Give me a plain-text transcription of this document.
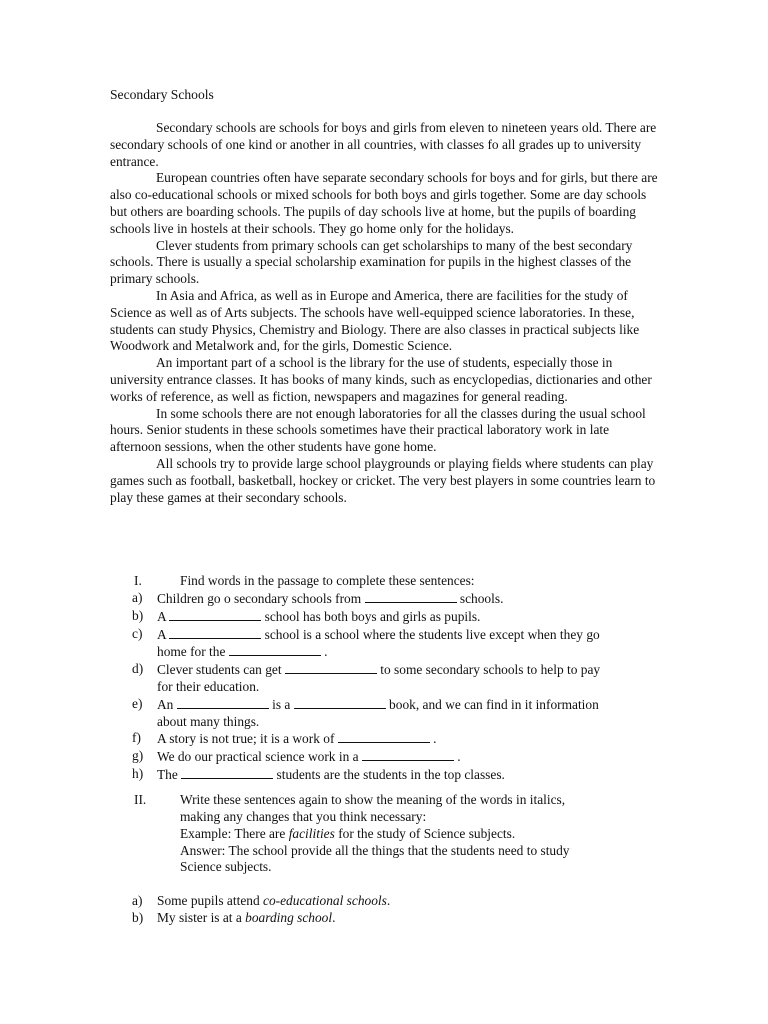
Secondary Schools

Secondary schools are schools for boys and girls from eleven to nineteen years old. There are secondary schools of one kind or another in all countries, with classes fo all grades up to university entrance.

European countries often have separate secondary schools for boys and for girls, but there are also co-educational schools or mixed schools for both boys and girls together. Some are day schools but others are boarding schools. The pupils of day schools live at home, but the pupils of boarding schools live in hostels at their schools. They go home only for the holidays.

Clever students from primary schools can get scholarships to many of the best secondary schools. There is usually a special scholarship examination for pupils in the highest classes of the primary schools.

In Asia and Africa, as well as in Europe and America, there are facilities for the study of Science as well as of Arts subjects. The schools have well-equipped science laboratories. In these, students can study Physics, Chemistry and Biology. There are also classes in practical subjects like Woodwork and Metalwork and, for the girls, Domestic Science.

An important part of a school is the library for the use of students, especially those in university entrance classes. It has books of many kinds, such as encyclopedias, dictionaries and other works of reference, as well as fiction, newspapers and magazines for general reading.

In some schools there are not enough laboratories for all the classes during the usual school hours. Senior students in these schools sometimes have their practical laboratory work in late afternoon sessions, when the other students have gone home.

All schools try to provide large school playgrounds or playing fields where students can play games such as football, basketball, hockey or cricket. The very best players in some countries learn to play these games at their secondary schools.

I.	Find words in the passage to complete these sentences:
a) Children go o secondary schools from	schools.
b) A	school has both boys and girls as pupils.
c) A	school is a school where the students live except when they go
home for the	.
d) Clever students can get	to some secondary schools to help to pay
for their education.
e) An	is a	book, and we can find in it information
about many things.
f) A story is not true; it is a work of	.
g) We do our practical science work in a	.
h) The	students are the students in the top classes.
II.	Write these sentences again to show the meaning of the words in italics,
making any changes that you think necessary:
Example: There are facilities for the study of Science subjects.
Answer: The school provide all the things that the students need to study
Science subjects.
a) Some pupils attend co-educational schools.
b) My sister is at a boarding school.
